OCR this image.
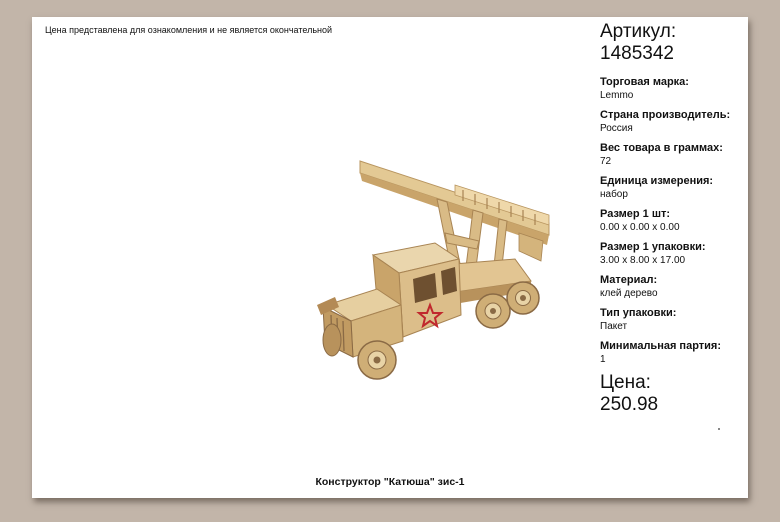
Цена представлена для ознакомления и не является окончательной	Артикул:
1485342
Торговая марка:
Lemmo
Страна производитель:
Россия
Вес товара в граммах:
72
Единица измерения:
набор
Размер 1 шт:
0.00 x 0.00 x 0.00
Размер 1 упаковки:
3.00 x 8.00 x 17.00
Материал:
клей дерево
Тип упаковки:
Пакет
Минимальная партия:
1
Цена:
250.98
Конструктор "Катюша" зис-1
